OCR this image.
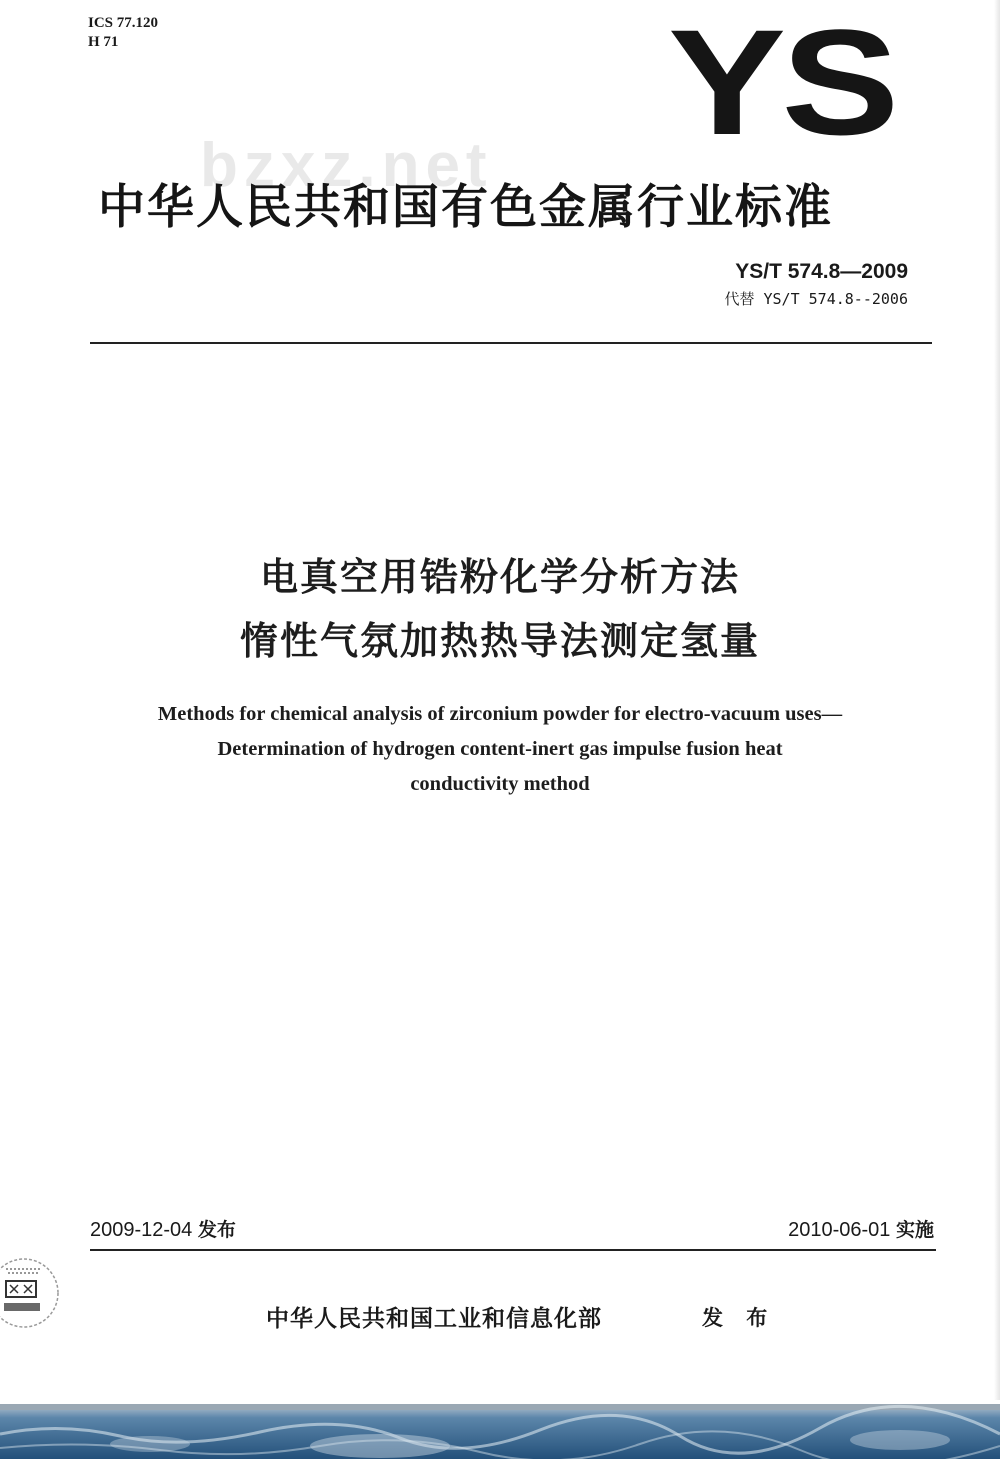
ICS 77.120
H 71
bzxz.net YS
中华人民共和国有色金属行业标准
YS/T 574.8—2009
代替 YS/T 574.8--2006
电真空用锆粉化学分析方法
惰性气氛加热热导法测定氢量
Methods for chemical analysis of zirconium powder for electro-vacuum uses—
Determination of hydrogen content-inert gas impulse fusion heat
conductivity method
2009-12-04 发布	2010-06-01 实施
中华人民共和国工业和信息化部	发 布
